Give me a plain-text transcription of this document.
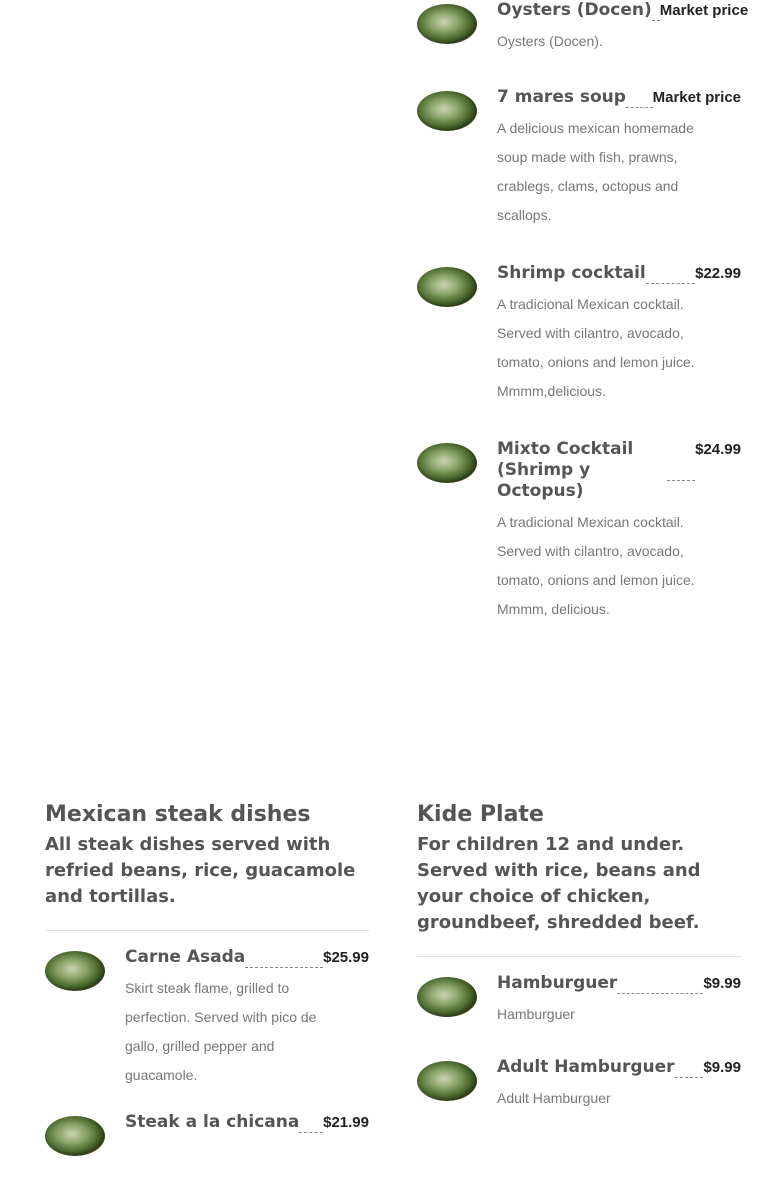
Oysters (Docen) Market price
Oysters (Docen).
7 mares soup Market price
A delicious mexican homemade soup made with fish, prawns, crablegs, clams, octopus and scallops.
Shrimp cocktail	$22.99
A tradicional Mexican cocktail. Served with cilantro, avocado, tomato, onions and lemon juice. Mmmm,delicious.
Mixto Cocktail (Shrimp y Octopus)
$24.99
A tradicional Mexican cocktail. Served with cilantro, avocado, tomato, onions and lemon juice. Mmmm, delicious.
Mexican steak dishes
All steak dishes served with refried beans, rice, guacamole and tortillas.
Carne Asada	$25.99
Skirt steak flame, grilled to perfection. Served with pico de gallo, grilled pepper and guacamole.
Steak a la chicana $21.99
Kide Plate
For children 12 and under. Served with rice, beans and your choice of chicken, groundbeef, shredded beef.
Hamburguer	$9.99
Hamburguer
Adult Hamburguer $9.99
Adult Hamburguer
